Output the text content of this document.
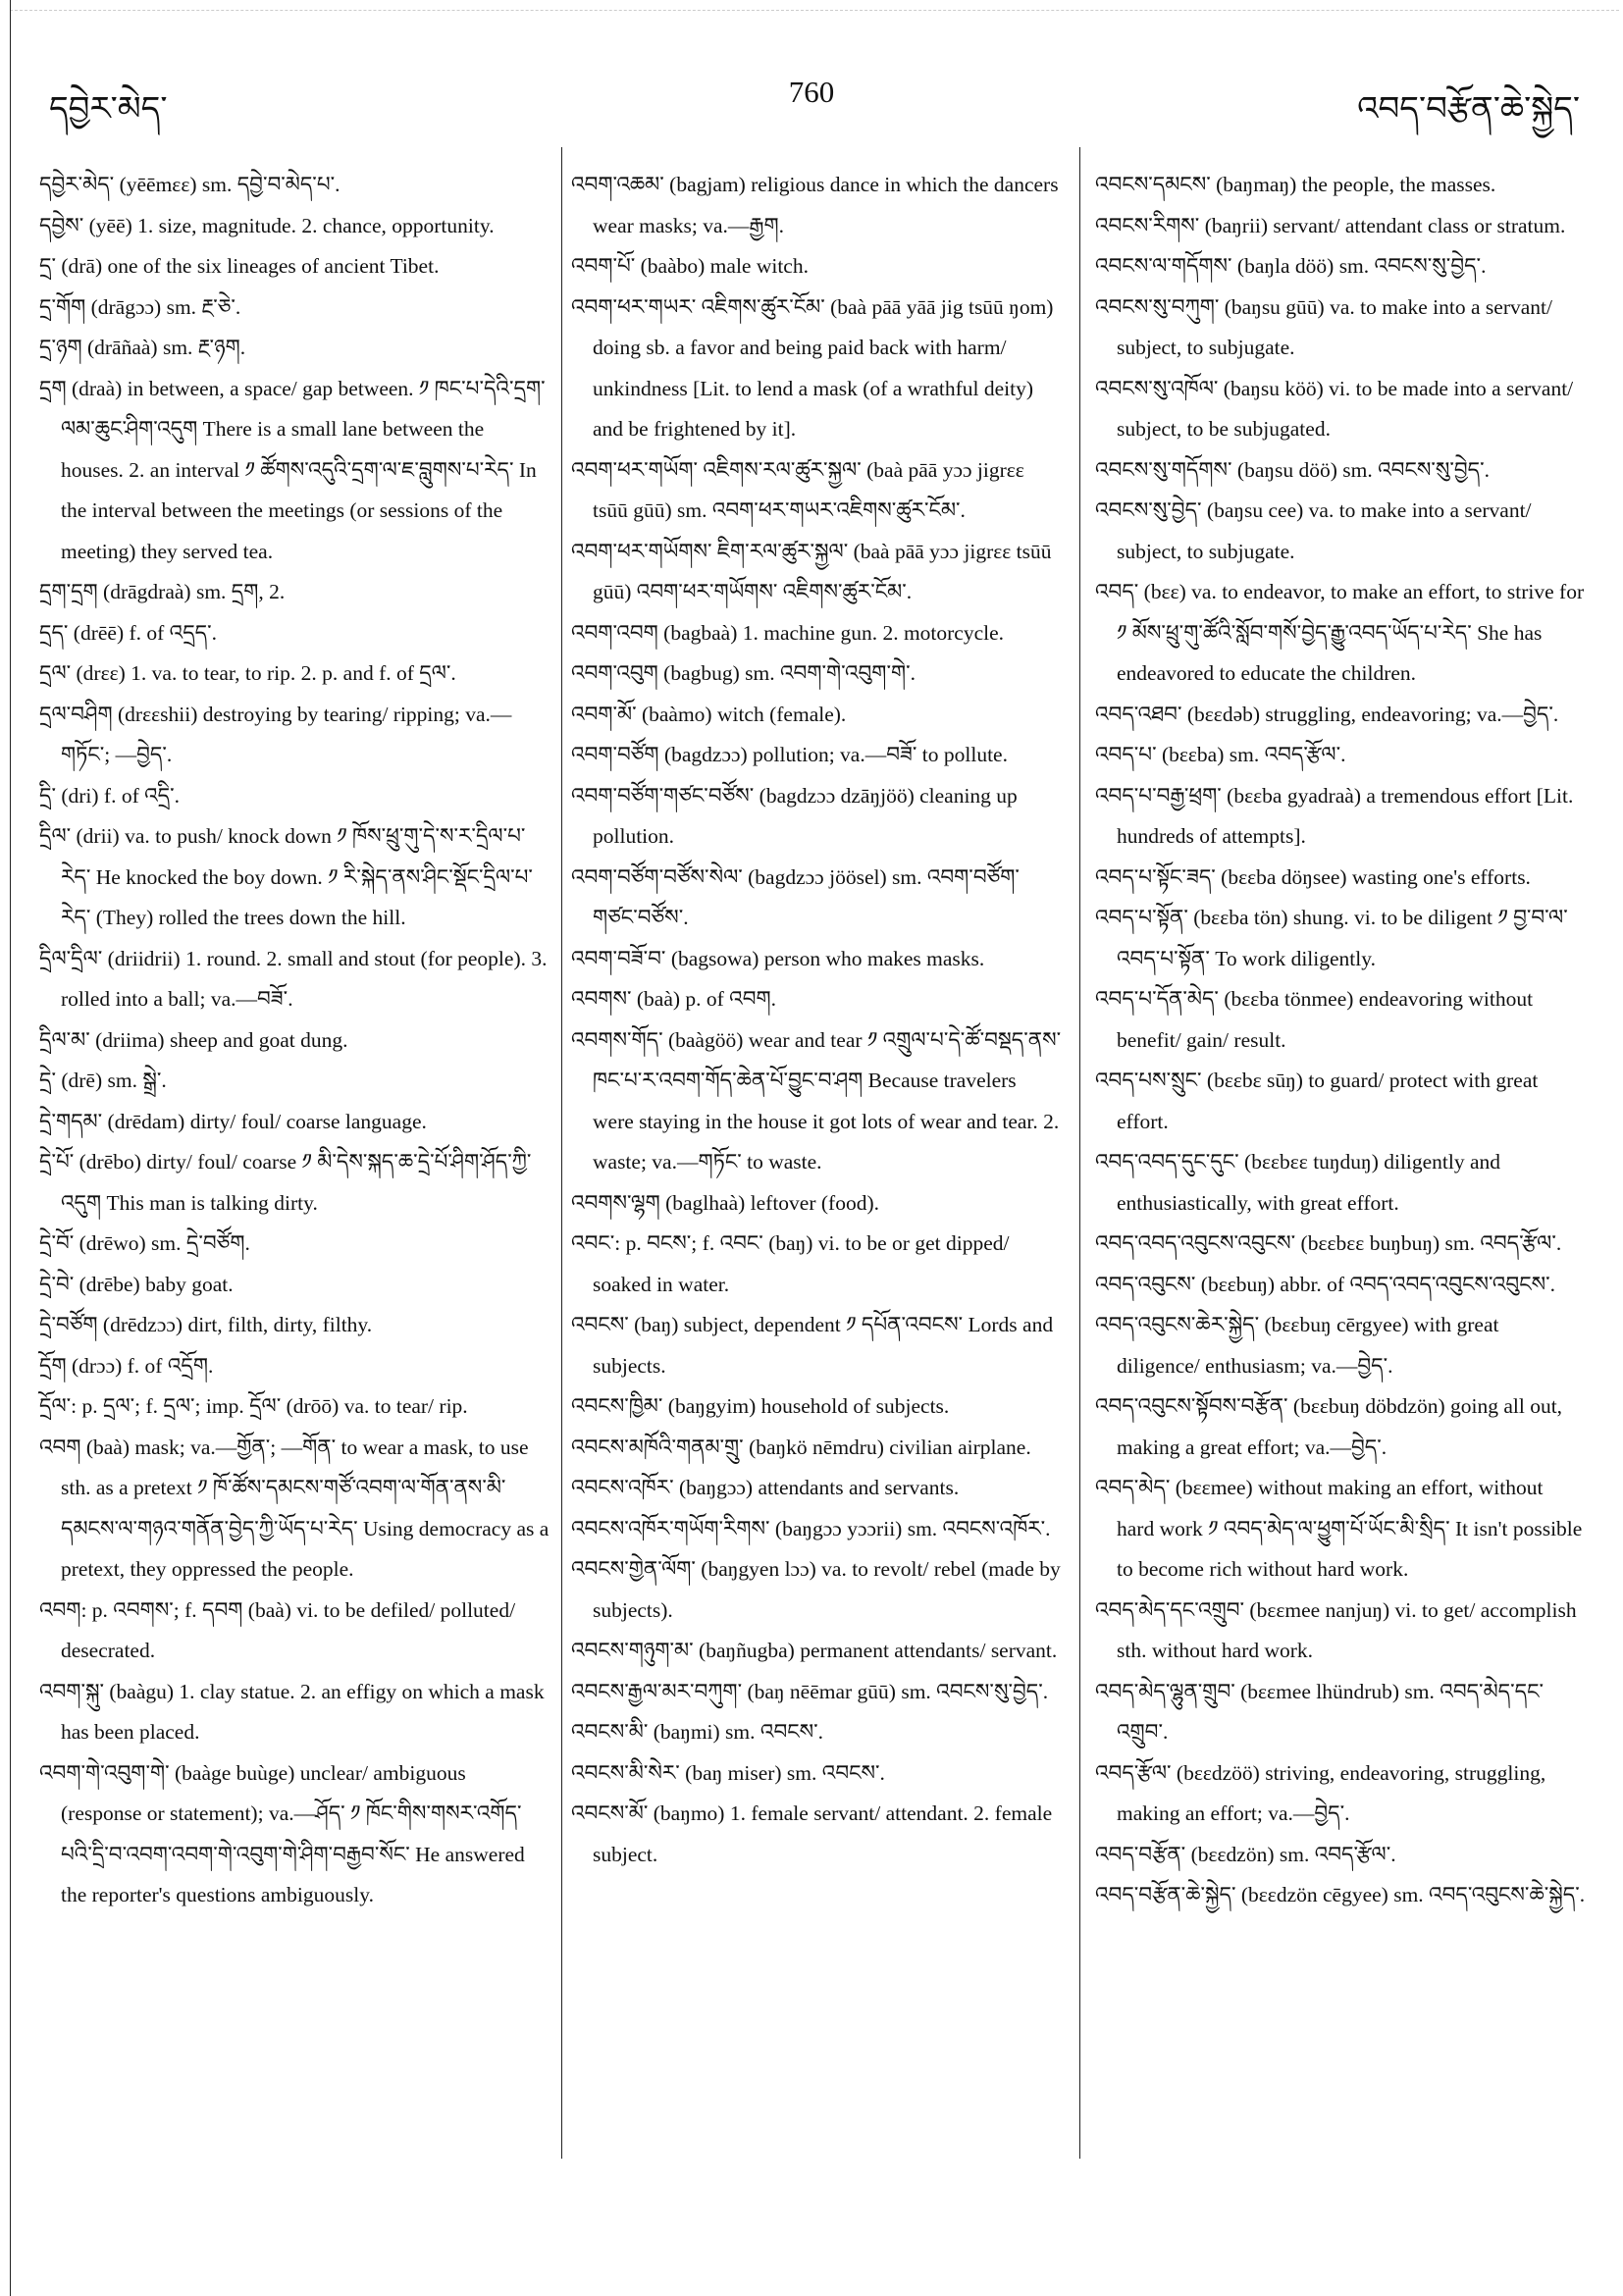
དབྱེར་མེད་	760	འབད་བརྩོན་ཆེ་སྐྱེད་

དབྱེར་མེད་ (yēēmɛɛ) sm. དབྱེ་བ་མེད་པ་.

དབྱེས་ (yēē) 1. size, magnitude. 2. chance, opportunity.

དྲ་ (drā) one of the six lineages of ancient Tibet.

དྲ་གོག (drāgɔɔ) sm. རྔ་ཅེ་.

དྲ་ཉག (drāñaà) sm. རྔ་ཉག.

དྲག (draà) in between, a space/ gap between. ༡ ཁང་པ་དེའི་དྲག་ལམ་ཆུང་ཤིག་འདུག There is a small lane between the houses. 2. an interval ༡ ཚོགས་འདུའི་དྲག་ལ་ཇ་བླུགས་པ་རེད་ In the interval between the meetings (or sessions of the meeting) they served tea.

དྲག་དྲག (drāgdraà) sm. དྲག, 2.

དྲད་ (drēē) f. of འདྲད་.

དྲལ་ (drɛɛ) 1. va. to tear, to rip. 2. p. and f. of དྲལ་.

དྲལ་བཤིག (drɛɛshii) destroying by tearing/ ripping; va.— གཏོང་; —བྱེད་.

དྲི་ (dri) f. of འདྲི་.

དྲིལ་ (drii) va. to push/ knock down ༡ ཁོས་ཕྲུ་གུ་དེ་ས་ར་དྲིལ་པ་རེད་ He knocked the boy down. ༡ རི་སྐེད་ནས་ཤིང་སྡོང་དྲིལ་པ་རེད་ (They) rolled the trees down the hill.

དྲིལ་དྲིལ་ (driidrii) 1. round. 2. small and stout (for people). 3. rolled into a ball; va.—བཟོ་.

དྲིལ་མ་ (driima) sheep and goat dung.

དྲེ་ (drē) sm. སྒྲེ་.

དྲེ་གདམ་ (drēdam) dirty/ foul/ coarse language.

དྲེ་པོ་ (drēbo) dirty/ foul/ coarse ༡ མི་དེས་སྐད་ཆ་དྲེ་པོ་ཤིག་ཤོད་ཀྱི་འདུག This man is talking dirty.

དྲེ་བོ་ (drēwo) sm. དྲེ་བཙོག.

དྲེ་བེ་ (drēbe) baby goat.

དྲེ་བཙོག (drēdzɔɔ) dirt, filth, dirty, filthy.

དྲོག (drɔɔ) f. of འདྲོག.

དྲོལ་: p. དྲལ་; f. དྲལ་; imp. དྲོལ་ (drōō) va. to tear/ rip.

འབག (baà) mask; va.—གྱོན་; —གོན་ to wear a mask, to use sth. as a pretext ༡ ཁོ་ཚོས་དམངས་གཙོ་འབག་ལ་གོན་ནས་མི་དམངས་ལ་གཉའ་གནོན་བྱེད་ཀྱི་ཡོད་པ་རེད་ Using democracy as a pretext, they oppressed the people.

འབག: p. འབགས་; f. དབག (baà) vi. to be defiled/ polluted/ desecrated.

འབག་སྐུ་ (baàgu) 1. clay statue. 2. an effigy on which a mask has been placed.

འབག་གེ་འབུག་གེ་ (baàge buùge) unclear/ ambiguous (response or statement); va.—ཤོད་ ༡ ཁོང་གིས་གསར་འགོད་པའི་དྲི་བ་འབག་འབག་གེ་འབུག་གེ་ཤིག་བརྒྱབ་སོང་ He answered the reporter's questions ambiguously.

འབག་འཆམ་ (bagjam) religious dance in which the dancers wear masks; va.—རྒྱག.

འབག་པོ་ (baàbo) male witch.

འབག་ཕར་གཡར་ འཇིགས་ཚུར་ངོམ་ (baà pāā yāā jig tsūū ŋom) doing sb. a favor and being paid back with harm/ unkindness [Lit. to lend a mask (of a wrathful deity) and be frightened by it].

འབག་ཕར་གཡོག་ འཇིགས་རལ་ཚུར་སྐྱལ་ (baà pāā yɔɔ jigrɛɛ tsūū gūū) sm. འབག་ཕར་གཡར་འཇིགས་ཚུར་ངོམ་.

འབག་ཕར་གཡོགས་ ཇིག་རལ་ཚུར་སྐྱལ་ (baà pāā yɔɔ jigrɛɛ tsūū gūū) འབག་ཕར་གཡོགས་ འཇིགས་ཚུར་ངོམ་.

འབག་འབག (bagbaà) 1. machine gun. 2. motorcycle.

འབག་འབུག (bagbug) sm. འབག་གེ་འབུག་གེ་.

འབག་མོ་ (baàmo) witch (female).

འབག་བཙོག (bagdzɔɔ) pollution; va.—བཟོ་ to pollute.

འབག་བཙོག་གཙང་བཙོས་ (bagdzɔɔ dzāŋjöö) cleaning up pollution.

འབག་བཙོག་བཙོས་སེལ་ (bagdzɔɔ jöösel) sm. འབག་བཙོག་གཙང་བཙོས་.

འབག་བཟོ་བ་ (bagsowa) person who makes masks.

འབགས་ (baà) p. of འབག.

འབགས་གོད་ (baàgöö) wear and tear ༡ འགྲུལ་པ་དེ་ཚོ་བསྡད་ནས་ཁང་པ་ར་འབག་གོད་ཆེན་པོ་བྱུང་བ་ཤག Because travelers were staying in the house it got lots of wear and tear. 2. waste; va.—གཏོང་ to waste.

འབགས་ལྷག (baglhaà) leftover (food).

འབང་: p. བངས་; f. འབང་ (baŋ) vi. to be or get dipped/ soaked in water.

འབངས་ (baŋ) subject, dependent ༡ དཔོན་འབངས་ Lords and subjects.

འབངས་ཁྱིམ་ (baŋgyim) household of subjects.

འབངས་མཁོའི་གནམ་གྲུ་ (baŋkö nēmdru) civilian airplane.

འབངས་འཁོར་ (baŋgɔɔ) attendants and servants.

འབངས་འཁོར་གཡོག་རིགས་ (baŋgɔɔ yɔɔrii) sm. འབངས་འཁོར་.

འབངས་གྱེན་ལོག་ (baŋgyen lɔɔ) va. to revolt/ rebel (made by subjects).

འབངས་གཉུག་མ་ (baŋñugba) permanent attendants/ servant.

འབངས་རྒྱལ་མར་བཀུག་ (baŋ nēēmar gūū) sm. འབངས་སུ་བྱེད་.

འབངས་མི་ (baŋmi) sm. འབངས་.

འབངས་མི་སེར་ (baŋ miser) sm. འབངས་.

འབངས་མོ་ (baŋmo) 1. female servant/ attendant. 2. female subject.

འབངས་དམངས་ (baŋmaŋ) the people, the masses.

འབངས་རིགས་ (baŋrii) servant/ attendant class or stratum.

འབངས་ལ་གདོགས་ (baŋla döö) sm. འབངས་སུ་བྱེད་.

འབངས་སུ་བཀུག་ (baŋsu gūū) va. to make into a servant/ subject, to subjugate.

འབངས་སུ་འཁོལ་ (baŋsu köö) vi. to be made into a servant/ subject, to be subjugated.

འབངས་སུ་གདོགས་ (baŋsu döö) sm. འབངས་སུ་བྱེད་.

འབངས་སུ་བྱེད་ (baŋsu cee) va. to make into a servant/ subject, to subjugate.

འབད་ (bɛɛ) va. to endeavor, to make an effort, to strive for ༡ མོས་ཕྲུ་གུ་ཚོའི་སློབ་གསོ་བྱེད་རྒྱུ་འབད་ཡོད་པ་རེད་ She has endeavored to educate the children.

འབད་འཐབ་ (bɛɛdəb) struggling, endeavoring; va.—བྱེད་.

འབད་པ་ (bɛɛba) sm. འབད་རྩོལ་.

འབད་པ་བརྒྱ་ཕྲག་ (bɛɛba gyadraà) a tremendous effort [Lit. hundreds of attempts].

འབད་པ་སྟོང་ཟད་ (bɛɛba döŋsee) wasting one's efforts.

འབད་པ་སྟོན་ (bɛɛba tön) shung. vi. to be diligent ༡ བྱ་བ་ལ་འབད་པ་སྟོན་ To work diligently.

འབད་པ་དོན་མེད་ (bɛɛba tönmee) endeavoring without benefit/ gain/ result.

འབད་པས་སྲུང་ (bɛɛbɛ sūŋ) to guard/ protect with great effort.

འབད་འབད་དུང་དུང་ (bɛɛbɛɛ tuŋduŋ) diligently and enthusiastically, with great effort.

འབད་འབད་འབུངས་འབུངས་ (bɛɛbɛɛ buŋbuŋ) sm. འབད་རྩོལ་.

འབད་འབུངས་ (bɛɛbuŋ) abbr. of འབད་འབད་འབུངས་འབུངས་.

འབད་འབུངས་ཆེར་སྐྱེད་ (bɛɛbuŋ cērgyee) with great diligence/ enthusiasm; va.—བྱེད་.

འབད་འབུངས་སྟོབས་བརྩོན་ (bɛɛbuŋ döbdzön) going all out, making a great effort; va.—བྱེད་.

འབད་མེད་ (bɛɛmee) without making an effort, without hard work ༡ འབད་མེད་ལ་ཕྱུག་པོ་ཡོང་མི་སྲིད་ It isn't possible to become rich without hard work.

འབད་མེད་དང་འགྲུབ་ (bɛɛmee nanjuŋ) vi. to get/ accomplish sth. without hard work.

འབད་མེད་ལྷུན་གྲུབ་ (bɛɛmee lhündrub) sm. འབད་མེད་དང་འགྲུབ་.

འབད་རྩོལ་ (bɛɛdzöö) striving, endeavoring, struggling, making an effort; va.—བྱེད་.

འབད་བརྩོན་ (bɛɛdzön) sm. འབད་རྩོལ་.

འབད་བརྩོན་ཆེ་སྐྱེད་ (bɛɛdzön cēgyee) sm. འབད་འབུངས་ཆེ་སྐྱེད་.
